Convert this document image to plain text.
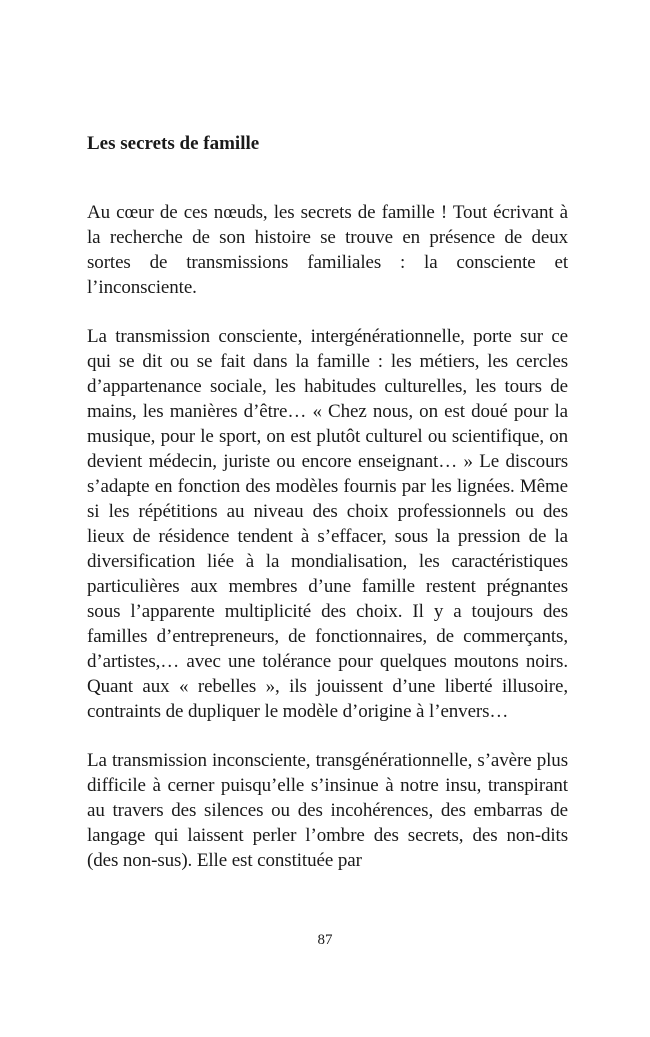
Les secrets de famille

Au cœur de ces nœuds, les secrets de famille ! Tout écrivant à la recherche de son histoire se trouve en présence de deux sortes de transmissions familiales : la consciente et l’inconsciente.

La transmission consciente, intergénérationnelle, porte sur ce qui se dit ou se fait dans la famille : les métiers, les cercles d’appartenance sociale, les habitudes culturelles, les tours de mains, les manières d’être… « Chez nous, on est doué pour la musique, pour le sport, on est plutôt culturel ou scientifique, on devient médecin, juriste ou encore enseignant… » Le discours s’adapte en fonction des modèles fournis par les lignées. Même si les répétitions au niveau des choix professionnels ou des lieux de résidence tendent à s’effacer, sous la pression de la diversification liée à la mondialisation, les caractéristiques particulières aux membres d’une famille restent prégnantes sous l’apparente multiplicité des choix. Il y a toujours des familles d’entrepreneurs, de fonctionnaires, de commerçants, d’artistes,… avec une tolérance pour quelques moutons noirs. Quant aux « rebelles », ils jouissent d’une liberté illusoire, contraints de dupliquer le modèle d’origine à l’envers…

La transmission inconsciente, transgénérationnelle, s’avère plus difficile à cerner puisqu’elle s’insinue à notre insu, transpirant au travers des silences ou des incohérences, des embarras de langage qui laissent perler l’ombre des secrets, des non-dits (des non-sus). Elle est constituée par

87
